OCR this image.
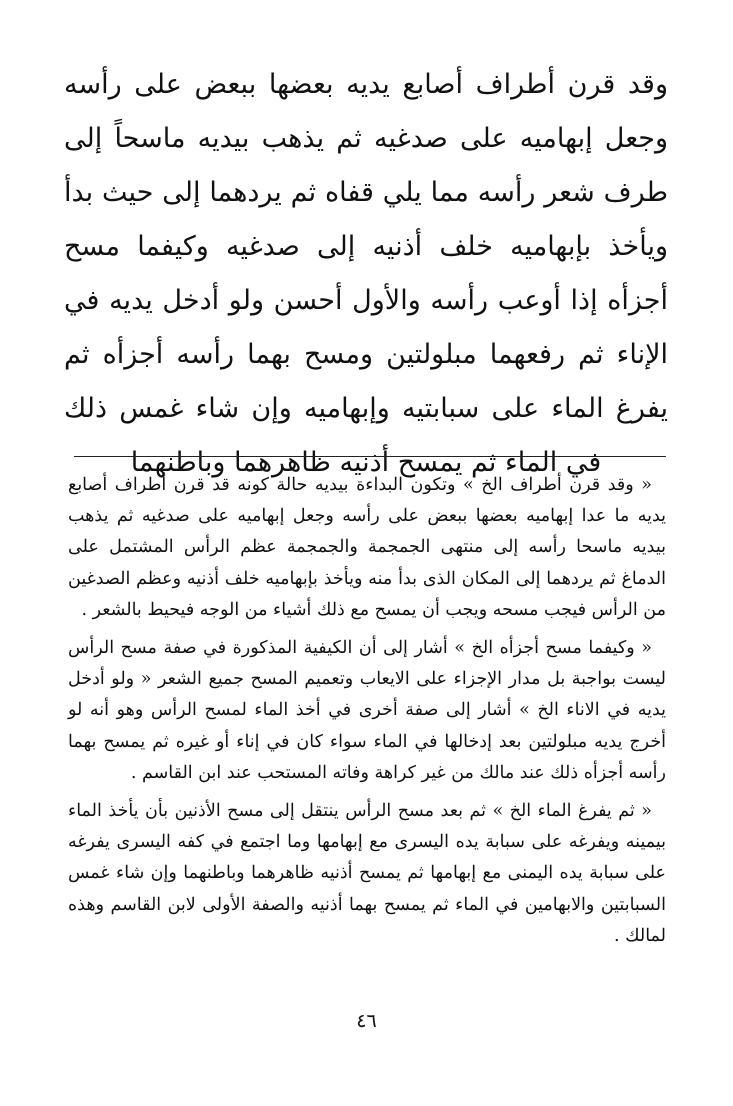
وقد قرن أطراف أصابع يديه بعضها ببعض على رأسه وجعل إبهاميه على صدغيه ثم يذهب بيديه ماسحاً إلى طرف شعر رأسه مما يلي قفاه ثم يردهما إلى حيث بدأ ويأخذ بإبهاميه خلف أذنيه إلى صدغيه وكيفما مسح أجزأه إذا أوعب رأسه والأول أحسن ولو أدخل يديه في الإناء ثم رفعهما مبلولتين ومسح بهما رأسه أجزأه ثم يفرغ الماء على سبابتيه وإبهاميه وإن شاء غمس ذلك في الماء ثم يمسح أذنيه ظاهرهما وباطنهما

« وقد قرن أطراف الخ » وتكون البداءة بيديه حالة كونه قد قرن أطراف أصابع يديه ما عدا إبهاميه بعضها ببعض على رأسه وجعل إبهاميه على صدغيه ثم يذهب بيديه ماسحا رأسه إلى منتهى الجمجمة والجمجمة عظم الرأس المشتمل على الدماغ ثم يردهما إلى المكان الذى بدأ منه ويأخذ بإبهاميه خلف أذنيه وعظم الصدغين من الرأس فيجب مسحه ويجب أن يمسح مع ذلك أشياء من الوجه فيحيط بالشعر .

« وكيفما مسح أجزأه الخ » أشار إلى أن الكيفية المذكورة في صفة مسح الرأس ليست بواجبة بل مدار الإجزاء على الايعاب وتعميم المسح جميع الشعر « ولو أدخل يديه في الاناء الخ » أشار إلى صفة أخرى في أخذ الماء لمسح الرأس وهو أنه لو أخرج يديه مبلولتين بعد إدخالها في الماء سواء كان في إناء أو غيره ثم يمسح بهما رأسه أجزأه ذلك عند مالك من غير كراهة وفاته المستحب عند ابن القاسم .

« ثم يفرغ الماء الخ » ثم بعد مسح الرأس ينتقل إلى مسح الأذنين بأن يأخذ الماء بيمينه ويفرغه على سبابة يده اليسرى مع إبهامها وما اجتمع في كفه اليسرى يفرغه على سبابة يده اليمنى مع إبهامها ثم يمسح أذنيه ظاهرهما وباطنهما وإن شاء غمس السبابتين والابهامين في الماء ثم يمسح بهما أذنيه والصفة الأولى لابن القاسم وهذه لمالك .

٤٦
